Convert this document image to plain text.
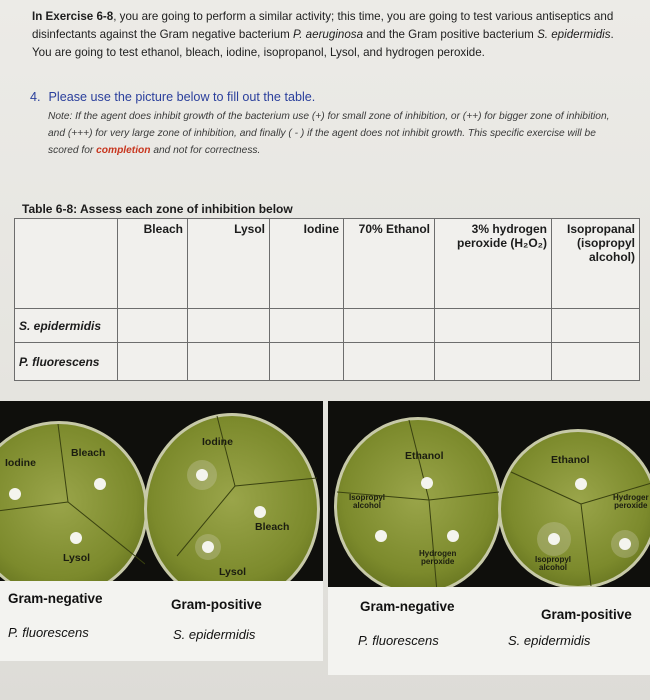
In Exercise 6-8, you are going to perform a similar activity; this time, you are going to test various antiseptics and disinfectants against the Gram negative bacterium P. aeruginosa and the Gram positive bacterium S. epidermidis. You are going to test ethanol, bleach, iodine, isopropanol, Lysol, and hydrogen peroxide.
4. Please use the picture below to fill out the table.
Note: If the agent does inhibit growth of the bacterium use (+) for small zone of inhibition, or (++) for bigger zone of inhibition, and (+++) for very large zone of inhibition, and finally ( - ) if the agent does not inhibit growth. This specific exercise will be scored for completion and not for correctness.
Table 6-8: Assess each zone of inhibition below
	Bleach	Lysol	Iodine	70% Ethanol	3% hydrogen peroxide (H₂O₂)	Isopropanal (isopropyl alcohol)
S. epidermidis						
P. fluorescens						
Iodine
Bleach
Lysol
Iodine
Bleach
Lysol
Gram-negative
P. fluorescens
Gram-positive
S. epidermidis
Ethanol
Isopropyl
alcohol
Hydrogen
peroxide
Ethanol
Hydroger
peroxide
Isopropyl
alcohol
Gram-negative
P. fluorescens
Gram-positive
S. epidermidis
